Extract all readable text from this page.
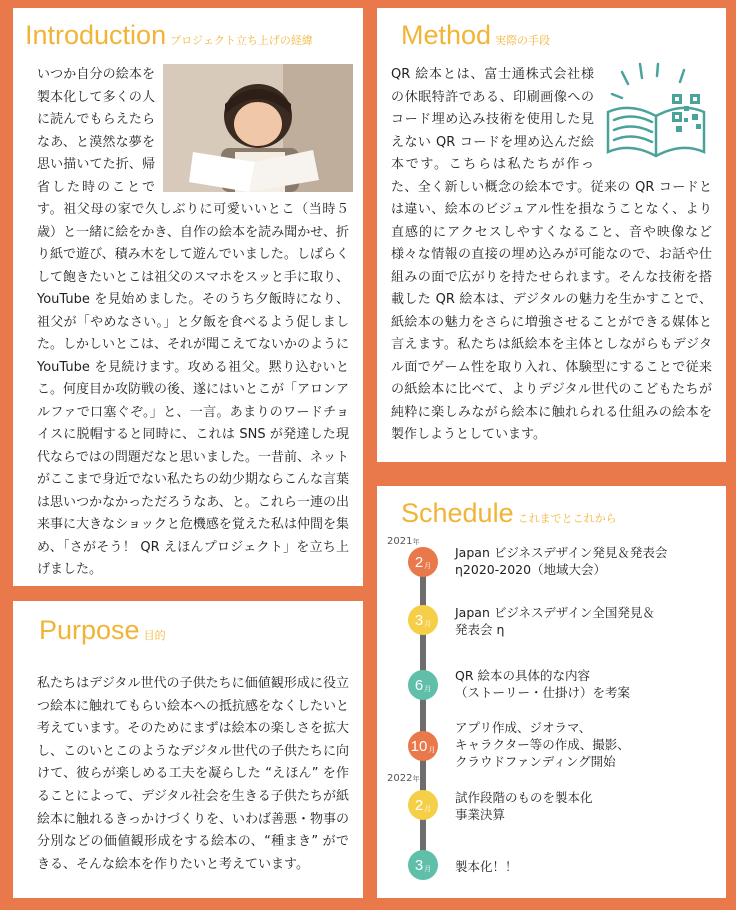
Introduction プロジェクト立ち上げの経緯

いつか自分の絵本を製本化して多くの人に読んでもらえたらなあ、と漠然な夢を思い描いてた折、帰省した時のことです。祖父母の家で久しぶりに可愛いいとこ（当時５歳）と一緒に絵をかき、自作の絵本を読み聞かせ、折り紙で遊び、積み木をして遊んでいました。しばらくして飽きたいとこは祖父のスマホをスッと手に取り、YouTube を見始めました。そのうち夕飯時になり、祖父が「やめなさい。」と夕飯を食べるよう促しました。しかしいとこは、それが聞こえてないかのように YouTube を見続けます。攻める祖父。黙り込むいとこ。何度目か攻防戦の後、遂にはいとこが「アロンアルファで口塞ぐぞ。」と、一言。あまりのワードチョイスに脱帽すると同時に、これは SNS が発達した現代ならではの問題だなと思いました。一昔前、ネットがここまで身近でない私たちの幼少期ならこんな言葉は思いつかなかっただろうなあ、と。これら一連の出来事に大きなショックと危機感を覚えた私は仲間を集め、「さがそう！ QR えほんプロジェクト」を立ち上げました。

Method 実際の手段

QR 絵本とは、富士通株式会社様の休眠特許である、印刷画像へのコード埋め込み技術を使用した見えない QR コードを埋め込んだ絵本です。こちらは私たちが作った、全く新しい概念の絵本です。従来の QR コードとは違い、絵本のビジュアル性を損なうことなく、より直感的にアクセスしやすくなること、音や映像など様々な情報の直接の埋め込みが可能なので、お話や仕組みの面で広がりを持たせられます。そんな技術を搭載した QR 絵本は、デジタルの魅力を生かすことで、紙絵本の魅力をさらに増強させることができる媒体と言えます。私たちは紙絵本を主体としながらもデジタル面でゲーム性を取り入れ、体験型にすることで従来の紙絵本に比べて、よりデジタル世代のこどもたちが純粋に楽しみながら絵本に触れられる仕組みの絵本を製作しようとしています。

Purpose 目的

私たちはデジタル世代の子供たちに価値観形成に役立つ絵本に触れてもらい絵本への抵抗感をなくしたいと考えています。そのためにまずは絵本の楽しさを拡大し、このいとこのようなデジタル世代の子供たちに向けて、彼らが楽しめる工夫を凝らした “えほん” を作ることによって、デジタル社会を生きる子供たちが紙絵本に触れるきっかけづくりを、いわば善悪・物事の分別などの価値観形成をする絵本の、“種まき” ができる、そんな絵本を作りたいと考えています。

Schedule これまでとこれから
2021年
2022年
2 月
Japan ビジネスデザイン発見＆発表会
η2020-2020（地域大会）
3 月
Japan ビジネスデザイン全国発見＆
発表会 η
6 月
QR 絵本の具体的な内容
（ストーリー・仕掛け）を考案
10 月
アプリ作成、ジオラマ、
キャラクター等の作成、撮影、
クラウドファンディング開始
2 月
試作段階のものを製本化
事業決算
3 月 製本化！！
